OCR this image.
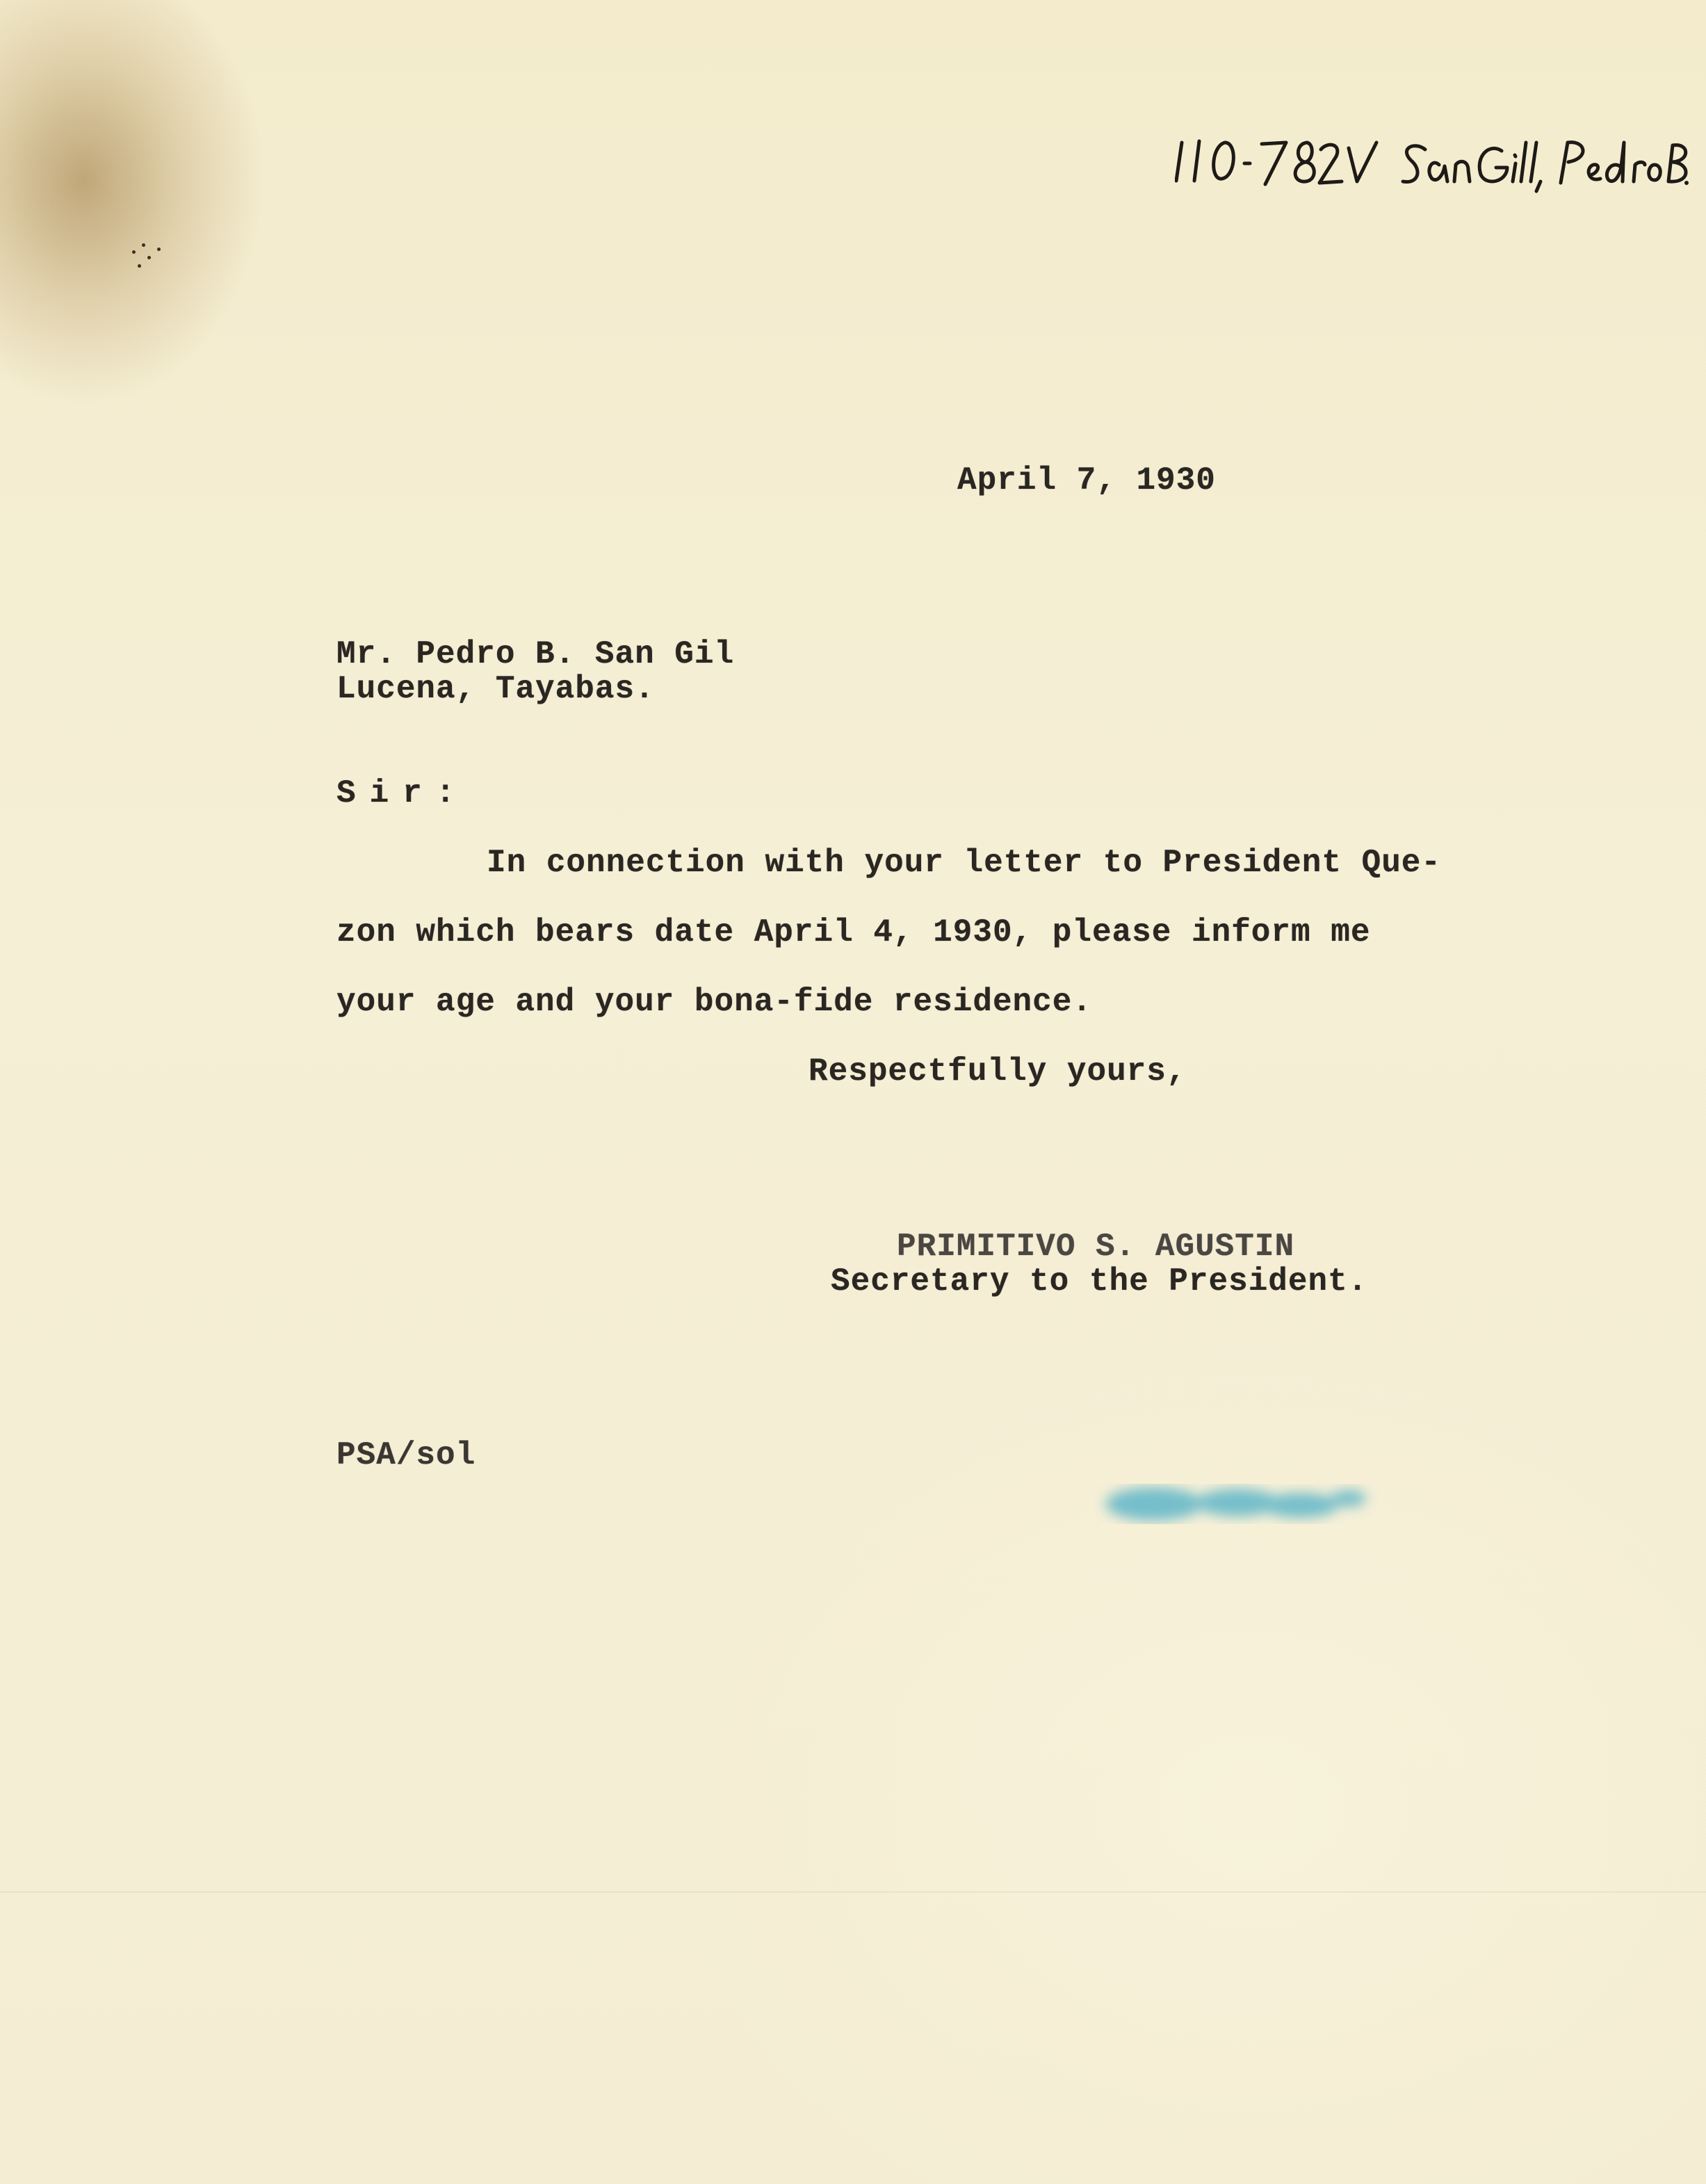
April 7, 1930
Mr. Pedro B. San Gil
Lucena, Tayabas.
Sir:
In connection with your letter to President Que-
zon which bears date April 4, 1930, please inform me
your age and your bona-fide residence.
Respectfully yours,
PRIMITIVO S. AGUSTIN
Secretary to the President.
PSA/sol
